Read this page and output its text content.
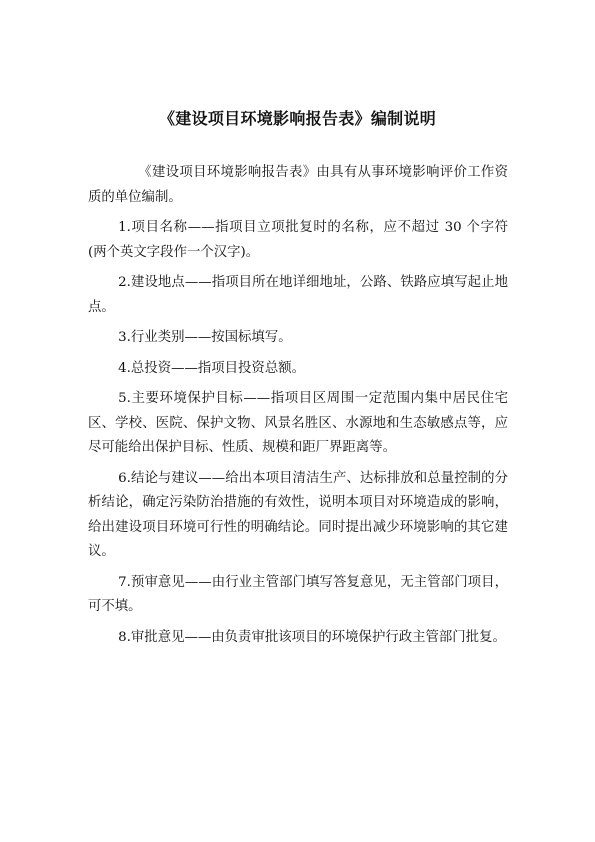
《建设项目环境影响报告表》编制说明

《建设项目环境影响报告表》由具有从事环境影响评价工作资质的单位编制。

1.项目名称——指项目立项批复时的名称，应不超过 30 个字符(两个英文字段作一个汉字)。

2.建设地点——指项目所在地详细地址，公路、铁路应填写起止地点。

3.行业类别——按国标填写。

4.总投资——指项目投资总额。

5.主要环境保护目标——指项目区周围一定范围内集中居民住宅区、学校、医院、保护文物、风景名胜区、水源地和生态敏感点等，应尽可能给出保护目标、性质、规模和距厂界距离等。

6.结论与建议——给出本项目清洁生产、达标排放和总量控制的分析结论，确定污染防治措施的有效性，说明本项目对环境造成的影响，给出建设项目环境可行性的明确结论。同时提出减少环境影响的其它建议。

7.预审意见——由行业主管部门填写答复意见，无主管部门项目，可不填。

8.审批意见——由负责审批该项目的环境保护行政主管部门批复。
